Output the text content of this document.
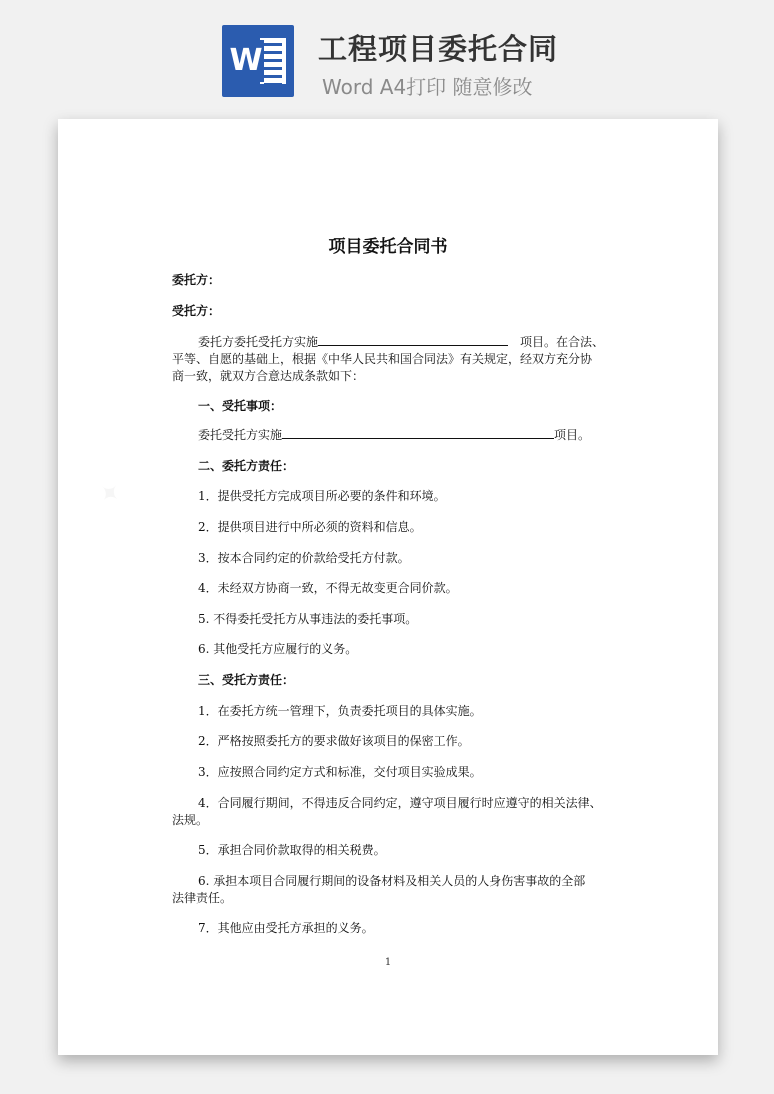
W 工程项目委托合同
Word A4打印 随意修改
项目委托合同书
委托方：
受托方：
委托方委托受托方实施	项目。在合法、
平等、自愿的基础上，根据《中华人民共和国合同法》有关规定，经双方充分协
商一致，就双方合意达成条款如下：
一、受托事项：
委托受托方实施	项目。
二、委托方责任：
1．提供受托方完成项目所必要的条件和环境。
2．提供项目进行中所必须的资料和信息。
3．按本合同约定的价款给受托方付款。
4．未经双方协商一致，不得无故变更合同价款。
5. 不得委托受托方从事违法的委托事项。
6. 其他受托方应履行的义务。
三、受托方责任：
1．在委托方统一管理下，负责委托项目的具体实施。
2．严格按照委托方的要求做好该项目的保密工作。
3．应按照合同约定方式和标准，交付项目实验成果。
4．合同履行期间，不得违反合同约定，遵守项目履行时应遵守的相关法律、
法规。
5．承担合同价款取得的相关税费。
6. 承担本项目合同履行期间的设备材料及相关人员的人身伤害事故的全部
法律责任。
7．其他应由受托方承担的义务。
1
